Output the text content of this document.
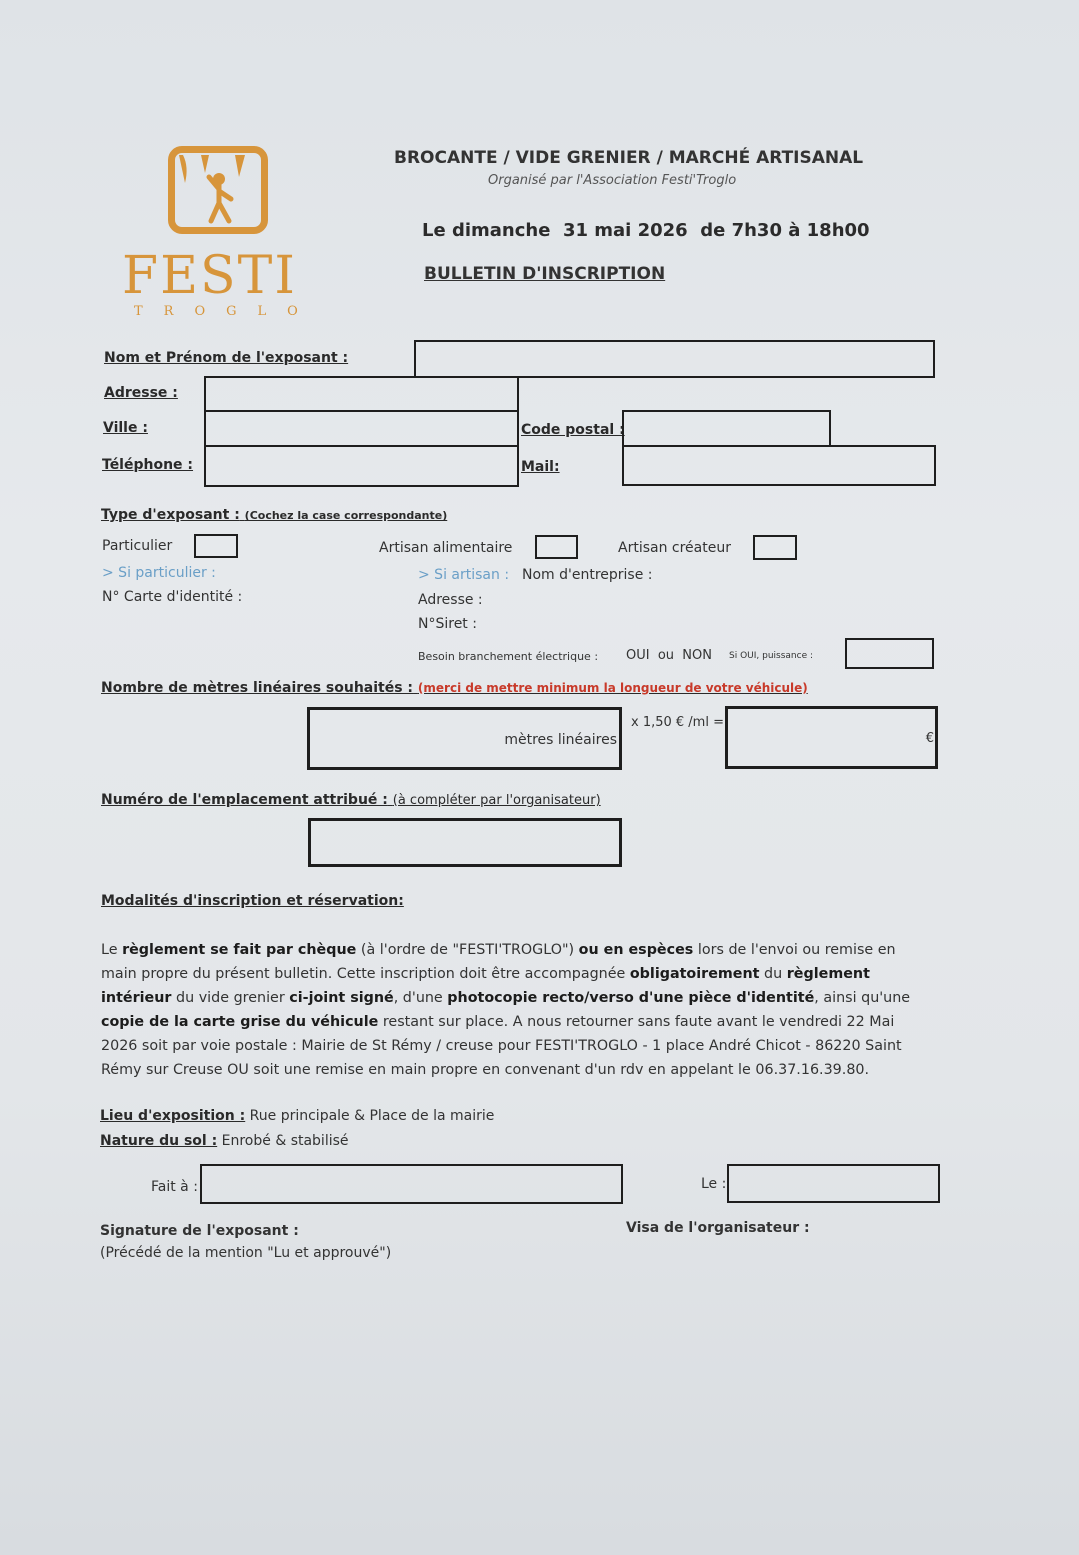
FESTI
TROGLO
BROCANTE / VIDE GRENIER / MARCHÉ ARTISANAL
Organisé par l'Association Festi'Troglo
Le dimanche  31 mai 2026  de 7h30 à 18h00
BULLETIN D'INSCRIPTION
Nom et Prénom de l'exposant :
Adresse :
Ville :	Code postal :
Téléphone :	Mail:
Type d'exposant : (Cochez la case correspondante)
Particulier	Artisan alimentaire	Artisan créateur
> Si particulier :
N° Carte d'identité :
> Si artisan : Nom d'entreprise :
Adresse :
N°Siret :
Besoin branchement électrique : OUI  ou  NON Si OUI, puissance :
Nombre de mètres linéaires souhaités : (merci de mettre minimum la longueur de votre véhicule)
mètres linéaires
x 1,50 € /ml =
€
Numéro de l'emplacement attribué : (à compléter par l'organisateur)
Modalités d'inscription et réservation:
Le règlement se fait par chèque (à l'ordre de "FESTI'TROGLO") ou en espèces lors de l'envoi ou remise en main propre du présent bulletin. Cette inscription doit être accompagnée obligatoirement du règlement intérieur du vide grenier ci-joint signé, d'une photocopie recto/verso d'une pièce d'identité, ainsi qu'une copie de la carte grise du véhicule restant sur place. A nous retourner sans faute avant le vendredi 22 Mai 2026 soit par voie postale : Mairie de St Rémy / creuse pour FESTI'TROGLO - 1 place André Chicot - 86220 Saint Rémy sur Creuse OU soit une remise en main propre en convenant d'un rdv en appelant le 06.37.16.39.80.
Lieu d'exposition : Rue principale & Place de la mairie
Nature du sol : Enrobé & stabilisé
Fait à :	Le :
Signature de l'exposant :
(Précédé de la mention "Lu et approuvé")
Visa de l'organisateur :
